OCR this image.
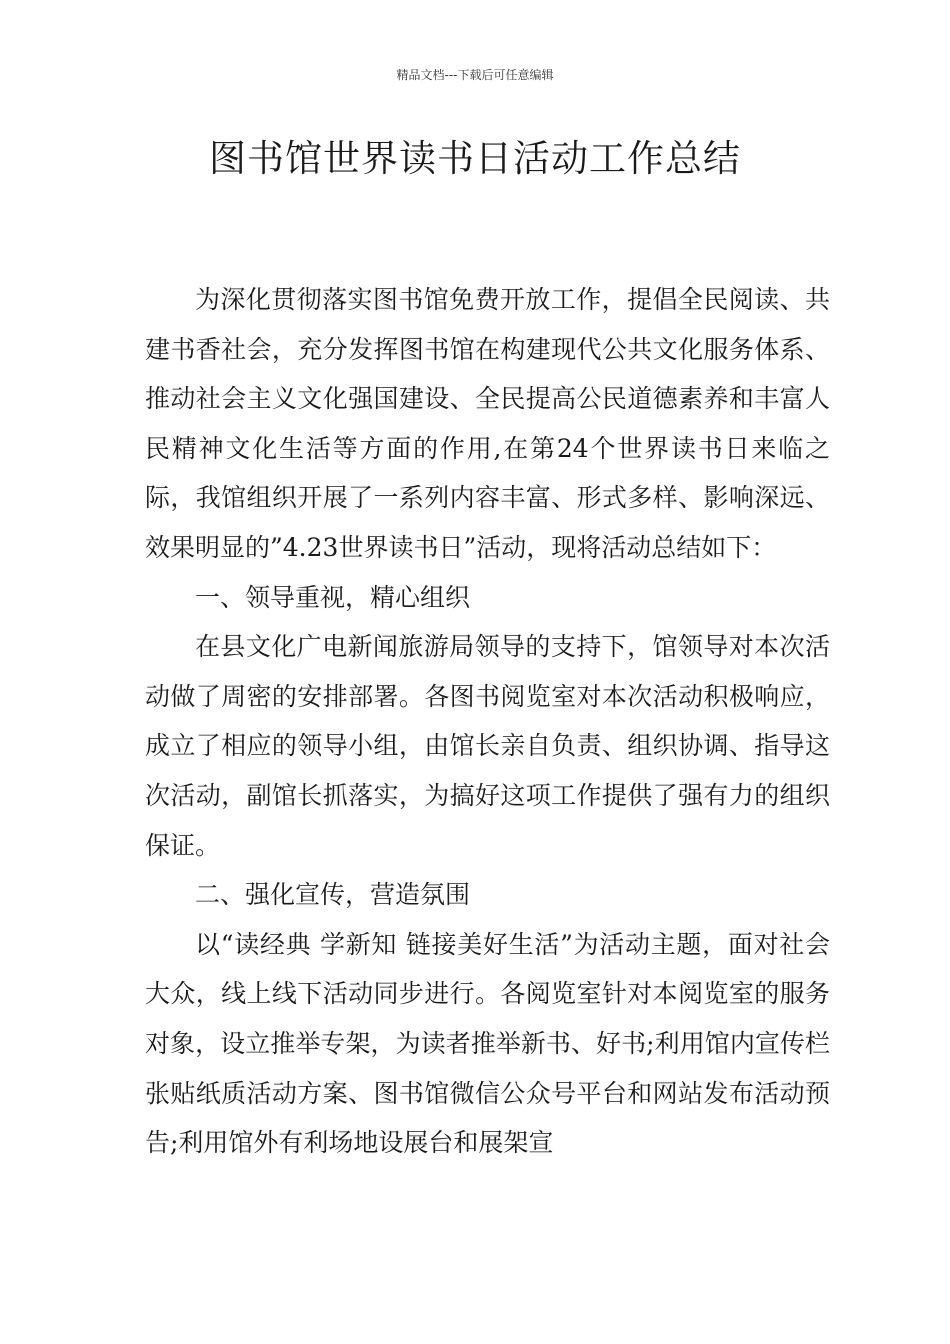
精品文档---下载后可任意编辑
图书馆世界读书日活动工作总结

为深化贯彻落实图书馆免费开放工作，提倡全民阅读、共建书香社会，充分发挥图书馆在构建现代公共文化服务体系、推动社会主义文化强国建设、全民提高公民道德素养和丰富人民精神文化生活等方面的作用,在第24个世界读书日来临之际，我馆组织开展了一系列内容丰富、形式多样、影响深远、效果明显的”4.23世界读书日”活动，现将活动总结如下：

一、领导重视，精心组织

在县文化广电新闻旅游局领导的支持下，馆领导对本次活动做了周密的安排部署。各图书阅览室对本次活动积极响应，成立了相应的领导小组，由馆长亲自负责、组织协调、指导这次活动，副馆长抓落实，为搞好这项工作提供了强有力的组织保证。

二、强化宣传，营造氛围

以“读经典 学新知 链接美好生活”为活动主题，面对社会大众，线上线下活动同步进行。各阅览室针对本阅览室的服务对象，设立推举专架，为读者推举新书、好书;利用馆内宣传栏张贴纸质活动方案、图书馆微信公众号平台和网站发布活动预告;利用馆外有利场地设展台和展架宣
